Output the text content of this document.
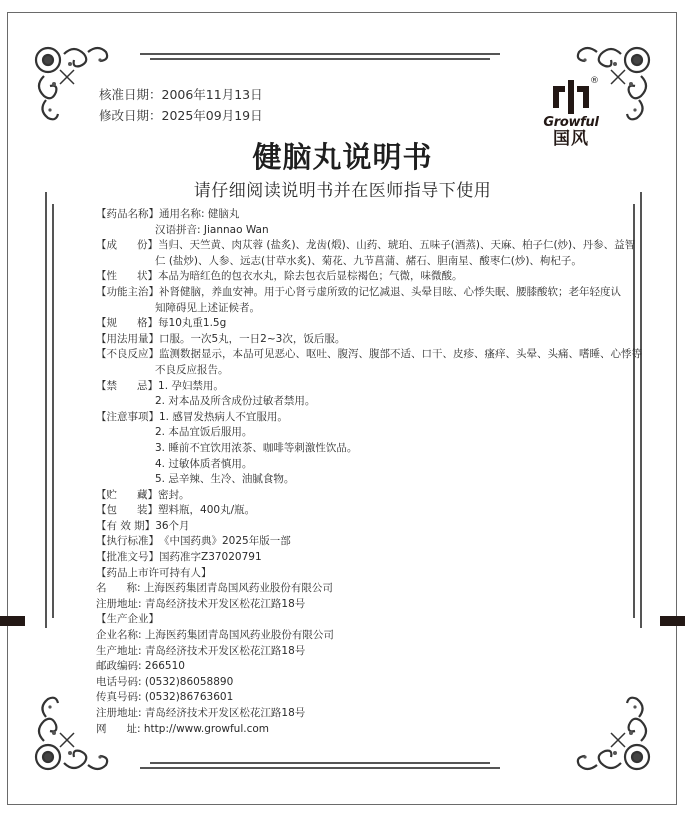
核准日期：2006年11月13日
修改日期：2025年09月19日
®
Growful
国风
健脑丸说明书
请仔细阅读说明书并在医师指导下使用
【药品名称】 通用名称: 健脑丸
汉语拼音: Jiannao Wan
【成      份】 当归、天竺黄、肉苁蓉 (盐炙)、龙齿(煅)、山药、琥珀、五味子(酒蒸)、天麻、柏子仁(炒)、丹参、益智
仁 (盐炒)、人参、远志(甘草水炙)、菊花、九节菖蒲、赭石、胆南星、酸枣仁(炒)、枸杞子。
【性      状】 本品为暗红色的包衣水丸，除去包衣后显棕褐色；气微，味微酸。
【功能主治】 补肾健脑，养血安神。用于心肾亏虚所致的记忆减退、头晕目眩、心悸失眠、腰膝酸软；老年轻度认
知障碍见上述证候者。
【规      格】 每10丸重1.5g
【用法用量】 口服。一次5丸，一日2~3次，饭后服。
【不良反应】 监测数据显示，本品可见恶心、呕吐、腹泻、腹部不适、口干、皮疹、瘙痒、头晕、头痛、嗜睡、心悸等
不良反应报告。
【禁      忌】 1. 孕妇禁用。
2. 对本品及所含成份过敏者禁用。
【注意事项】 1. 感冒发热病人不宜服用。
2. 本品宜饭后服用。
3. 睡前不宜饮用浓茶、咖啡等刺激性饮品。
4. 过敏体质者慎用。
5. 忌辛辣、生冷、油腻食物。
【贮      藏】 密封。
【包      装】 塑料瓶，400丸/瓶。
【有 效 期】 36个月
【执行标准】 《中国药典》2025年版一部
【批准文号】 国药准字Z37020791
【药品上市许可持有人】
名      称: 上海医药集团青岛国风药业股份有限公司
注册地址: 青岛经济技术开发区松花江路18号
【生产企业】
企业名称: 上海医药集团青岛国风药业股份有限公司
生产地址: 青岛经济技术开发区松花江路18号
邮政编码: 266510
电话号码: (0532)86058890
传真号码: (0532)86763601
注册地址: 青岛经济技术开发区松花江路18号
网      址: http://www.growful.com
